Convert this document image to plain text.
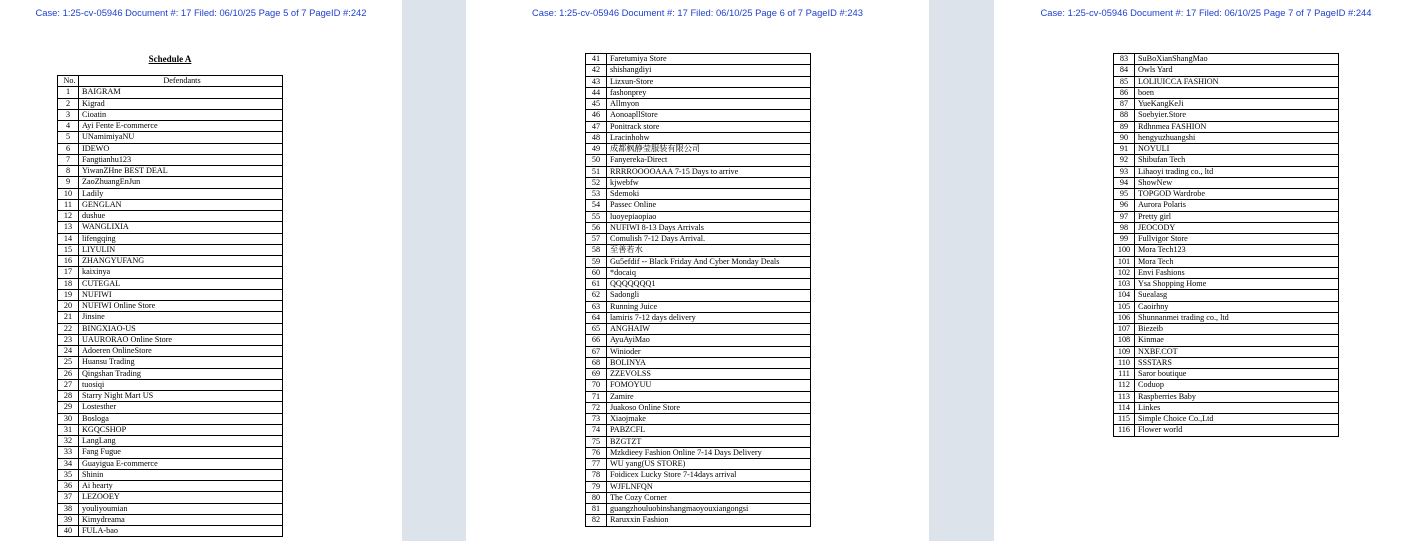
Case: 1:25-cv-05946 Document #: 17 Filed: 06/10/25 Page 5 of 7 PageID #:242
Schedule A
Case: 1:25-cv-05946 Document #: 17 Filed: 06/10/25 Page 6 of 7 PageID #:243	Case: 1:25-cv-05946 Document #: 17 Filed: 06/10/25 Page 7 of 7 PageID #:244
No.	Defendants
1	BAIGRAM
2	Kigrad
3	Cioatin
4	Ayi Fente E-commerce
5	UNamimiyaNU
6	IDEWO
7	Fangtianhu123
8	YiwanZHne BEST DEAL
9	ZaoZhuangEnJun
10	Ladily
11	GENGLAN
12	dushue
13	WANGLIXIA
14	lifengqing
15	LIYULIN
16	ZHANGYUFANG
17	kaixinya
18	CUTEGAL
19	NUFIWI
20	NUFIWI Online Store
21	Jinsine
22	BINGXIAO-US
23	UAURORAO Online Store
24	Adoeren OnlineStore
25	Huansu Trading
26	Qingshan Trading
27	tuosiqi
28	Starry Night Mart US
29	Lostesther
30	Bosloga
31	KGQCSHOP
32	LangLang
33	Fang Fugue
34	Guayigua E-commerce
35	Shinin
36	Ai hearty
37	LEZOOEY
38	youliyoumian
39	Kimydreama
40	FULA-bao
41	Faretumiya Store
42	shishangdiyi
43	Lizxun-Store
44	fashonprey
45	Allmyon
46	AonoapllStore
47	Ponitrack store
48	Lracinhohw
49	成都枫静莹服装有限公司
50	Fanyereka-Direct
51	RRRROOOOAAA 7-15 Days to arrive
52	kjwebfw
53	Sdemoki
54	Passec Online
55	luoyepiaopiao
56	NUFIWI 8-13 Days Arrivals
57	Comulish 7-12 Days Arrival.
58	至善若水
59	Gu5efdif -- Black Friday And Cyber Monday Deals
60	*docaiq
61	QQQQQQQ1
62	Sadongli
63	Running Juice
64	lamiris 7-12 days delivery
65	ANGHAIW
66	AyuAyiMao
67	Winioder
68	BOLINYA
69	ZZEVOLSS
70	FOMOYUU
71	Zamire
72	Juakoso Online Store
73	Xiaojmake
74	PABZCFL
75	BZGTZT
76	Mzkdieey Fashion Online 7-14 Days Delivery
77	WU yang(US STORE)
78	Foidicex Lucky Store 7-14days arrival
79	WJFLNFQN
80	The Cozy Corner
81	guangzhouluobinshangmaoyouxiangongsi
82	Raruxxin Fashion
83	SuBoXianShangMao
84	Owls Yard
85	LOLIUICCA FASHION
86	boen
87	YueKangKeJi
88	Soebyier.Store
89	Rdhnmea FASHION
90	hengyuzhuangshi
91	NOYULI
92	Shibufan Tech
93	Lihaoyi trading co., ltd
94	ShowNew
95	TOPGOD Wardrobe
96	Aurora Polaris
97	Pretty girl
98	JEOCODY
99	Fullvigor Store
100	Mora Tech123
101	Mora Tech
102	Envi Fashions
103	Ysa Shopping Home
104	Suealasg
105	Caoirhny
106	Shunnanmei trading co., ltd
107	Biezeib
108	Kinmae
109	NXBF.COT
110	SSSTARS
111	Saror boutique
112	Coduop
113	Raspberries Baby
114	Linkes
115	Simple Choice Co.,Ltd
116	Flower world
